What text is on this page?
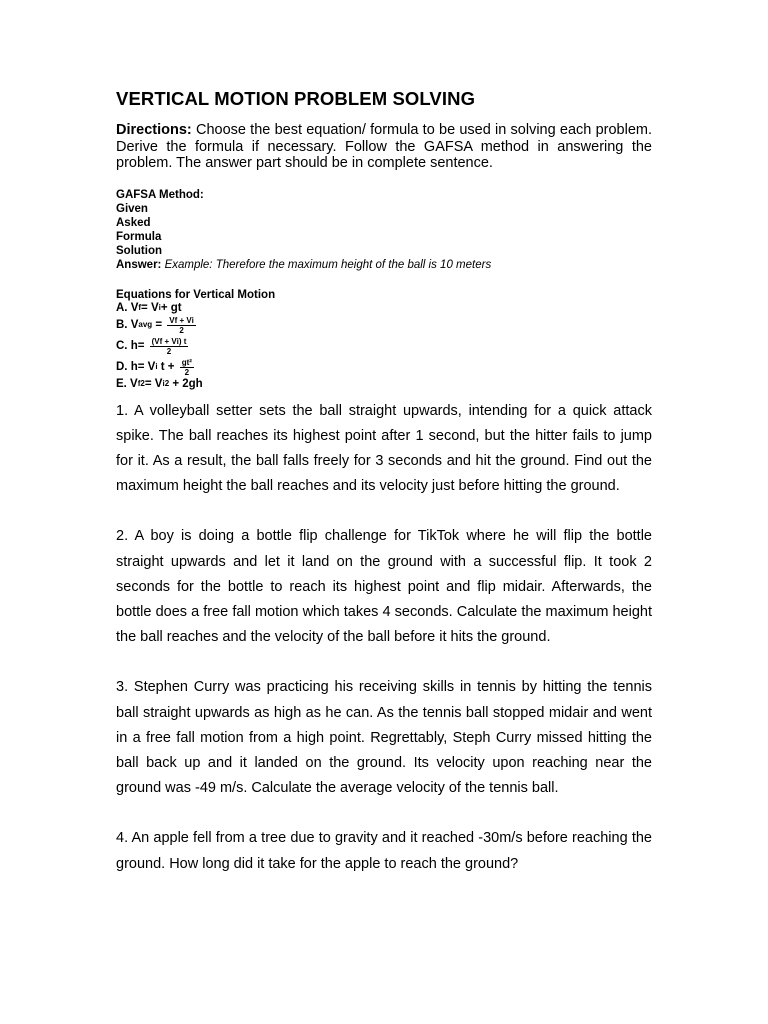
VERTICAL MOTION PROBLEM SOLVING

Directions: Choose the best equation/ formula to be used in solving each problem. Derive the formula if necessary. Follow the GAFSA method in answering the problem. The answer part should be in complete sentence.

GAFSA Method:
Given
Asked
Formula
Solution
Answer: Example: Therefore the maximum height of the ball is 10 meters
Equations for Vertical Motion
A. V f = V i + gt
B. V avg = $\frac{Vf + Vi}{2}$
C. $h= \frac{(Vf + Vi) t}{2}$
D. h= V i $t + \frac{\text{gt²}}{2}$
E. V f 2 = V i 2 + 2gh

1. A volleyball setter sets the ball straight upwards, intending for a quick attack spike. The ball reaches its highest point after 1 second, but the hitter fails to jump for it. As a result, the ball falls freely for 3 seconds and hit the ground. Find out the maximum height the ball reaches and its velocity just before hitting the ground.

2. A boy is doing a bottle flip challenge for TikTok where he will flip the bottle straight upwards and let it land on the ground with a successful flip. It took 2 seconds for the bottle to reach its highest point and flip midair. Afterwards, the bottle does a free fall motion which takes 4 seconds. Calculate the maximum height the ball reaches and the velocity of the ball before it hits the ground.

3. Stephen Curry was practicing his receiving skills in tennis by hitting the tennis ball straight upwards as high as he can. As the tennis ball stopped midair and went in a free fall motion from a high point. Regrettably, Steph Curry missed hitting the ball back up and it landed on the ground. Its velocity upon reaching near the ground was -49 m/s. Calculate the average velocity of the tennis ball.

4. An apple fell from a tree due to gravity and it reached -30m/s before reaching the ground. How long did it take for the apple to reach the ground?
